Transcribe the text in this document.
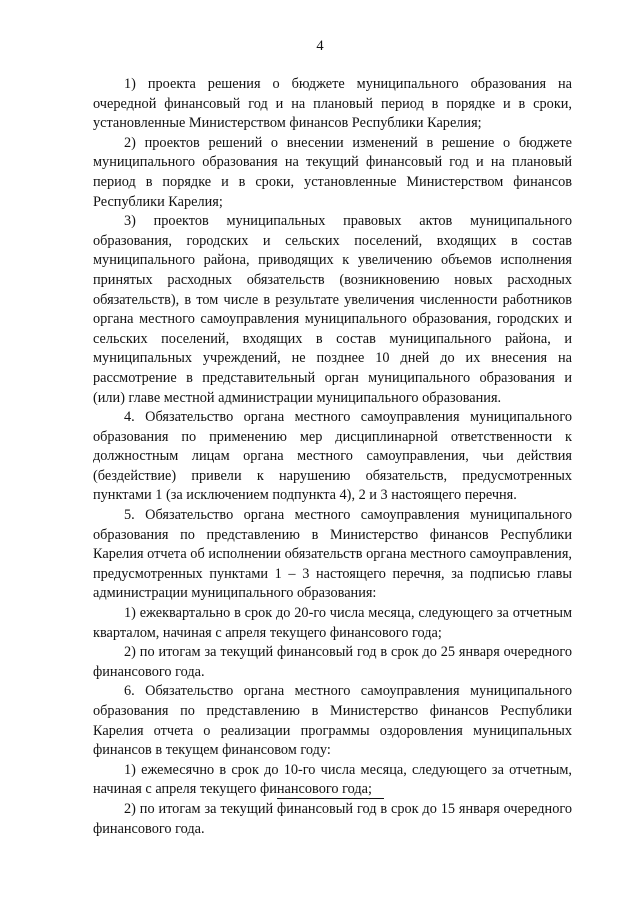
4

1) проекта решения о бюджете муниципального образования на очередной финансовый год и на плановый период в порядке и в сроки, установленные Министерством финансов Республики Карелия;

2) проектов решений о внесении изменений в решение о бюджете муниципального образования на текущий финансовый год и на плановый период в порядке и в сроки, установленные Министерством финансов Республики Карелия;

3) проектов муниципальных правовых актов муниципального образования, городских и сельских поселений, входящих в состав муниципального района, приводящих к увеличению объемов исполнения принятых расходных обязательств (возникновению новых расходных обязательств), в том числе в результате увеличения численности работников органа местного самоуправления муниципального образования, городских и сельских поселений, входящих в состав муниципального района, и муниципальных учреждений, не позднее 10 дней до их внесения на рассмотрение в представительный орган муниципального образования и (или) главе местной администрации муниципального образования.

4. Обязательство органа местного самоуправления муниципального образования по применению мер дисциплинарной ответственности к должностным лицам органа местного самоуправления, чьи действия (бездействие) привели к нарушению обязательств, предусмотренных пунктами 1 (за исключением подпункта 4), 2 и 3 настоящего перечня.

5. Обязательство органа местного самоуправления муниципального образования по представлению в Министерство финансов Республики Карелия отчета об исполнении обязательств органа местного самоуправления, предусмотренных пунктами 1 – 3 настоящего перечня, за подписью главы администрации муниципального образования:

1) ежеквартально в срок до 20-го числа месяца, следующего за отчетным кварталом, начиная с апреля текущего финансового года;

2) по итогам за текущий финансовый год в срок до 25 января очередного финансового года.

6. Обязательство органа местного самоуправления муниципального образования по представлению в Министерство финансов Республики Карелия отчета о реализации программы оздоровления муниципальных финансов в текущем финансовом году:

1) ежемесячно в срок до 10-го числа месяца, следующего за отчетным, начиная с апреля текущего финансового года;

2) по итогам за текущий финансовый год в срок до 15 января очередного финансового года.
